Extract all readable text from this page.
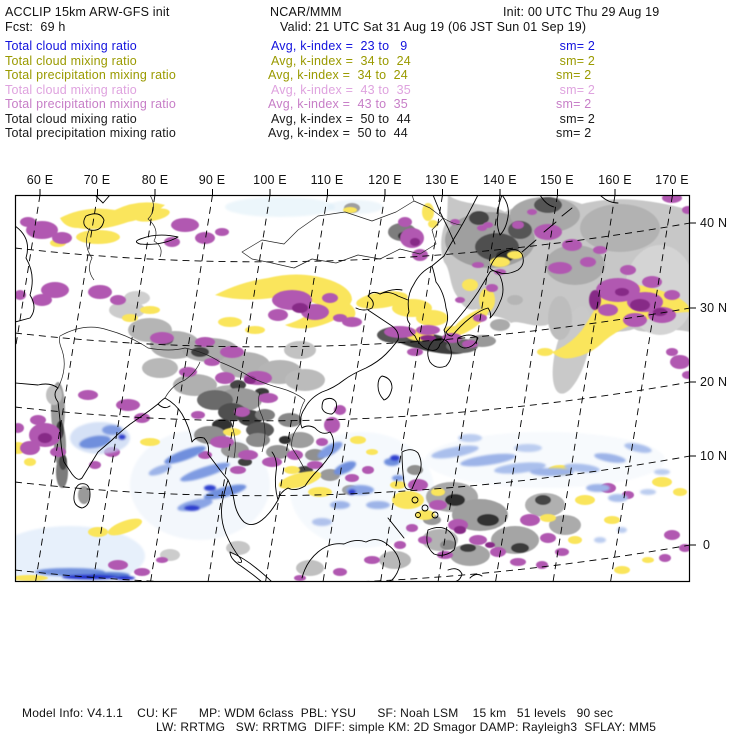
ACCLIP 15km ARW-GFS init	NCAR/MMM	Init: 00 UTC Thu 29 Aug 19
Fcst:  69 h	Valid: 21 UTC Sat 31 Aug 19 (06 JST Sun 01 Sep 19)
Total cloud mixing ratio	Avg, k-index =  23 to   9	sm= 2
Total cloud mixing ratio	Avg, k-index =  34 to  24	sm= 2
Total precipitation mixing ratio	Avg, k-index =  34 to  24	sm= 2
Total cloud mixing ratio	Avg, k-index =  43 to  35	sm= 2
Total precipitation mixing ratio	Avg, k-index =  43 to  35	sm= 2
Total cloud mixing ratio	Avg, k-index =  50 to  44	sm= 2
Total precipitation mixing ratio	Avg, k-index =  50 to  44	sm= 2
60 E 70 E	80 E 90 E 100 E 110 E 120 E 130 E 140 E 150 E 160 E 170 E
40 N
30 N
20 N
10 N
0
Model Info: V4.1.1    CU: KF      MP: WDM 6class  PBL: YSU      SF: Noah LSM    15 km   51 levels   90 sec
LW: RRTMG   SW: RRTMG  DIFF: simple KM: 2D Smagor DAMP: Rayleigh3  SFLAY: MM5
